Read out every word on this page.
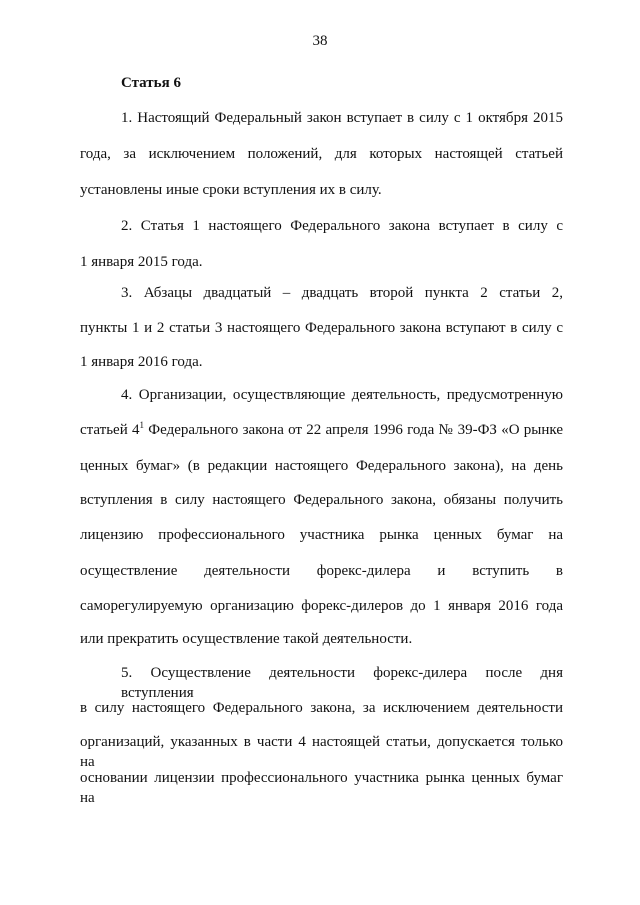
38
Статья 6
1. Настоящий Федеральный закон вступает в силу с 1 октября 2015
года, за исключением положений, для которых настоящей статьей
установлены иные сроки вступления их в силу.
2. Статья 1 настоящего Федерального закона вступает в силу с
1 января 2015 года.
3. Абзацы двадцатый – двадцать второй пункта 2 статьи 2,
пункты 1 и 2 статьи 3 настоящего Федерального закона вступают в силу с
1 января 2016 года.
4. Организации, осуществляющие деятельность, предусмотренную
статьей $4^1$ Федерального закона от 22 апреля 1996 года № 39-ФЗ «О рынке
ценных бумаг» (в редакции настоящего Федерального закона), на день
вступления в силу настоящего Федерального закона, обязаны получить
лицензию профессионального участника рынка ценных бумаг на
осуществление деятельности форекс-дилера и вступить в
саморегулируемую организацию форекс-дилеров до 1 января 2016 года
или прекратить осуществление такой деятельности.
5. Осуществление деятельности форекс-дилера после дня вступления
в силу настоящего Федерального закона, за исключением деятельности
организаций, указанных в части 4 настоящей статьи, допускается только на
основании лицензии профессионального участника рынка ценных бумаг на
